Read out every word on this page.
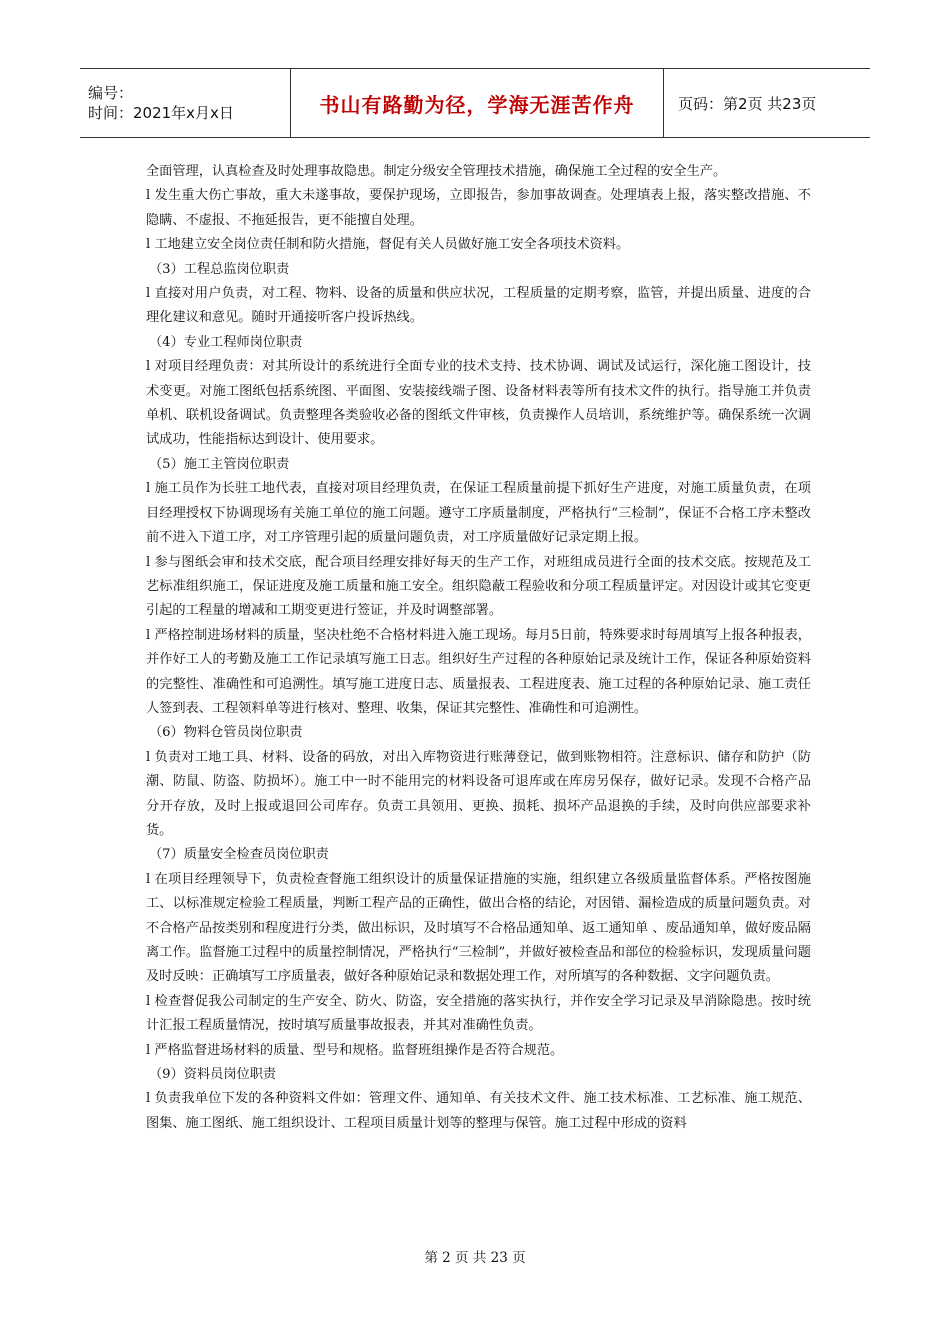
编号：
时间：2021年x月x日	书山有路勤为径，学海无涯苦作舟	页码：第2页 共23页

全面管理，认真检查及时处理事故隐患。制定分级安全管理技术措施，确保施工全过程的安全生产。

l 发生重大伤亡事故，重大未遂事故，要保护现场，立即报告，参加事故调查。处理填表上报，落实整改措施、不隐瞒、不虚报、不拖延报告，更不能擅自处理。

l 工地建立安全岗位责任制和防火措施，督促有关人员做好施工安全各项技术资料。

（3）工程总监岗位职责

l 直接对用户负责，对工程、物料、设备的质量和供应状况，工程质量的定期考察，监管，并提出质量、进度的合理化建议和意见。随时开通接听客户投诉热线。

（4）专业工程师岗位职责

l 对项目经理负责：对其所设计的系统进行全面专业的技术支持、技术协调、调试及试运行，深化施工图设计，技术变更。对施工图纸包括系统图、平面图、安装接线端子图、设备材料表等所有技术文件的执行。指导施工并负责单机、联机设备调试。负责整理各类验收必备的图纸文件审核，负责操作人员培训，系统维护等。确保系统一次调试成功，性能指标达到设计、使用要求。

（5）施工主管岗位职责

l 施工员作为长驻工地代表，直接对项目经理负责，在保证工程质量前提下抓好生产进度，对施工质量负责，在项目经理授权下协调现场有关施工单位的施工问题。遵守工序质量制度，严格执行“三检制”，保证不合格工序未整改前不进入下道工序，对工序管理引起的质量问题负责，对工序质量做好记录定期上报。

l 参与图纸会审和技术交底，配合项目经理安排好每天的生产工作，对班组成员进行全面的技术交底。按规范及工艺标准组织施工，保证进度及施工质量和施工安全。组织隐蔽工程验收和分项工程质量评定。对因设计或其它变更引起的工程量的增减和工期变更进行签证，并及时调整部署。

l 严格控制进场材料的质量，坚决杜绝不合格材料进入施工现场。每月5日前，特殊要求时每周填写上报各种报表，并作好工人的考勤及施工工作记录填写施工日志。组织好生产过程的各种原始记录及统计工作，保证各种原始资料的完整性、准确性和可追溯性。填写施工进度日志、质量报表、工程进度表、施工过程的各种原始记录、施工责任人签到表、工程领料单等进行核对、整理、收集，保证其完整性、准确性和可追溯性。

（6）物料仓管员岗位职责

l 负责对工地工具、材料、设备的码放，对出入库物资进行账薄登记，做到账物相符。注意标识、储存和防护（防潮、防鼠、防盗、防损坏）。施工中一时不能用完的材料设备可退库或在库房另保存，做好记录。发现不合格产品分开存放，及时上报或退回公司库存。负责工具领用、更换、损耗、损坏产品退换的手续，及时向供应部要求补货。

（7）质量安全检查员岗位职责

l 在项目经理领导下，负责检查督施工组织设计的质量保证措施的实施，组织建立各级质量监督体系。严格按图施工、以标准规定检验工程质量，判断工程产品的正确性，做出合格的结论，对因错、漏检造成的质量问题负责。对不合格产品按类别和程度进行分类，做出标识，及时填写不合格品通知单、返工通知单 、废品通知单，做好废品隔离工作。监督施工过程中的质量控制情况，严格执行“三检制”，并做好被检查品和部位的检验标识，发现质量问题及时反映：正确填写工序质量表，做好各种原始记录和数据处理工作，对所填写的各种数据、文字问题负责。

l 检查督促我公司制定的生产安全、防火、防盗，安全措施的落实执行，并作安全学习记录及早消除隐患。按时统计汇报工程质量情况，按时填写质量事故报表，并其对准确性负责。

l 严格监督进场材料的质量、型号和规格。监督班组操作是否符合规范。

（9）资料员岗位职责

l 负责我单位下发的各种资料文件如：管理文件、通知单、有关技术文件、施工技术标准、工艺标准、施工规范、图集、施工图纸、施工组织设计、工程项目质量计划等的整理与保管。施工过程中形成的资料

第 2 页 共 23 页
